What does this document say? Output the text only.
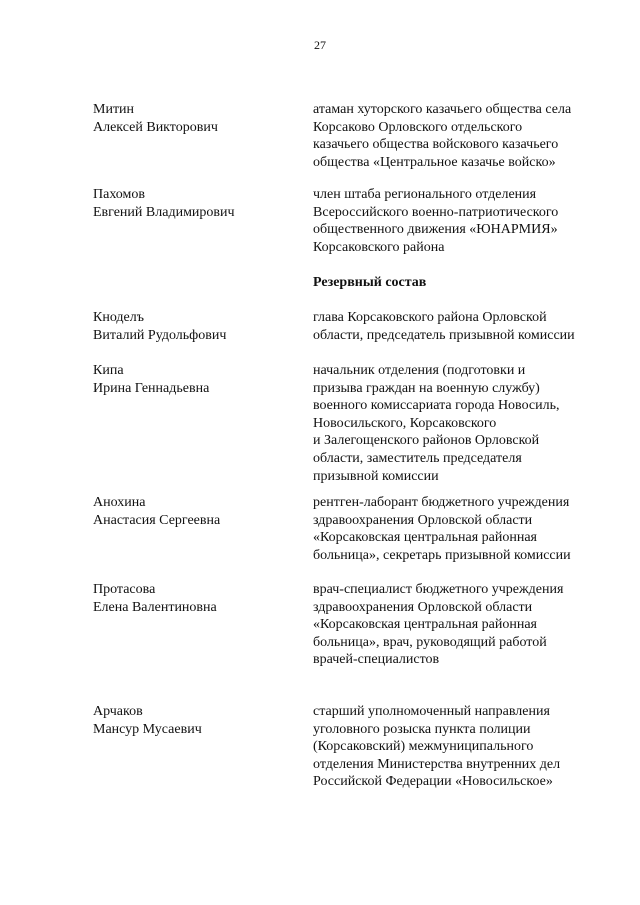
27
Митин
Алексей Викторович
атаман хуторского казачьего общества села
Корсаково Орловского отдельского
казачьего общества войскового казачьего
общества «Центральное казачье войско»
Пахомов
Евгений Владимирович
член штаба регионального отделения
Всероссийского военно-патриотического
общественного движения «ЮНАРМИЯ»
Корсаковского района
Резервный состав
Кноделъ
Виталий Рудольфович
глава Корсаковского района Орловской
области, председатель призывной комиссии
Кипа
Ирина Геннадьевна
начальник отделения (подготовки и
призыва граждан на военную службу)
военного комиссариата города Новосиль,
Новосильского, Корсаковского
и Залегощенского районов Орловской
области, заместитель председателя
призывной комиссии
Анохина
Анастасия Сергеевна
рентген-лаборант бюджетного учреждения
здравоохранения Орловской области
«Корсаковская центральная районная
больница», секретарь призывной комиссии
Протасова
Елена Валентиновна
врач-специалист бюджетного учреждения
здравоохранения Орловской области
«Корсаковская центральная районная
больница», врач, руководящий работой
врачей-специалистов
Арчаков
Мансур Мусаевич
старший уполномоченный направления
уголовного розыска пункта полиции
(Корсаковский) межмуниципального
отделения Министерства внутренних дел
Российской Федерации «Новосильское»
